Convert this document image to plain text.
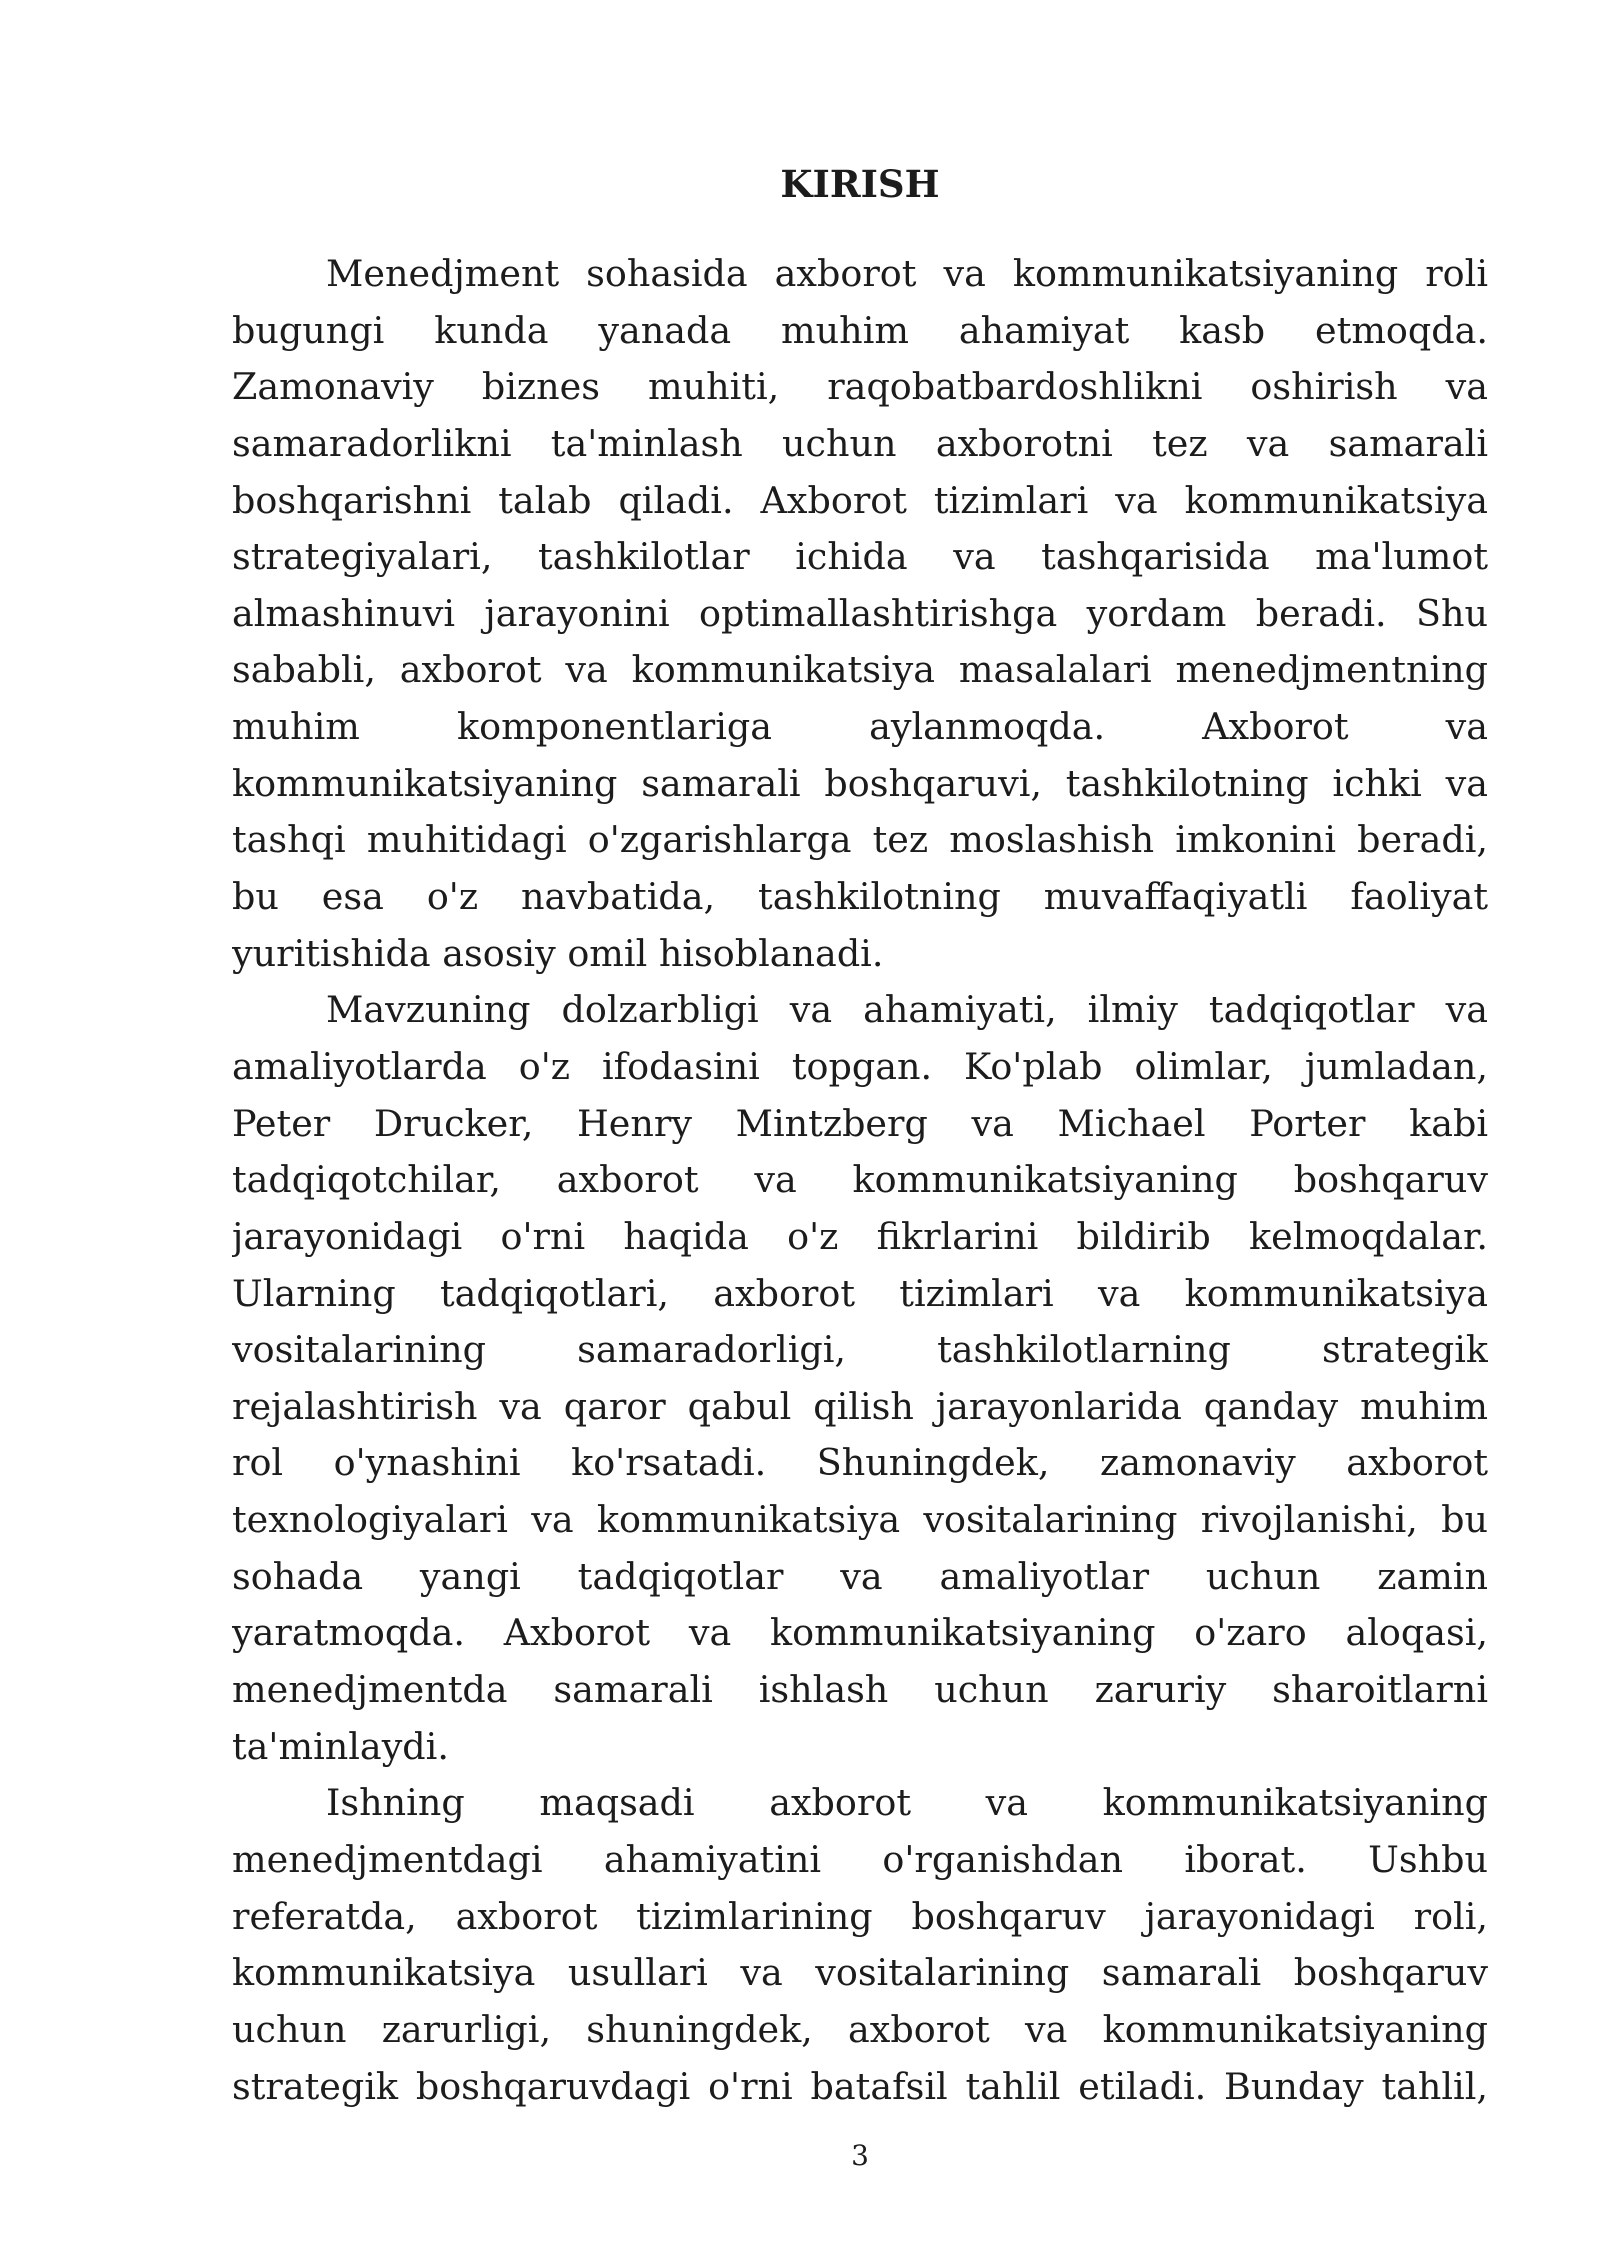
KIRISH
Menedjment sohasida axborot va kommunikatsiyaning roli
bugungi kunda yanada muhim ahamiyat kasb etmoqda.
Zamonaviy biznes muhiti, raqobatbardoshlikni oshirish va
samaradorlikni ta'minlash uchun axborotni tez va samarali
boshqarishni talab qiladi. Axborot tizimlari va kommunikatsiya
strategiyalari, tashkilotlar ichida va tashqarisida ma'lumot
almashinuvi jarayonini optimallashtirishga yordam beradi. Shu
sababli, axborot va kommunikatsiya masalalari menedjmentning
muhim komponentlariga aylanmoqda. Axborot va
kommunikatsiyaning samarali boshqaruvi, tashkilotning ichki va
tashqi muhitidagi o'zgarishlarga tez moslashish imkonini beradi,
bu esa o'z navbatida, tashkilotning muvaffaqiyatli faoliyat
yuritishida asosiy omil hisoblanadi.
Mavzuning dolzarbligi va ahamiyati, ilmiy tadqiqotlar va
amaliyotlarda o'z ifodasini topgan. Ko'plab olimlar, jumladan,
Peter Drucker, Henry Mintzberg va Michael Porter kabi
tadqiqotchilar, axborot va kommunikatsiyaning boshqaruv
jarayonidagi o'rni haqida o'z fikrlarini bildirib kelmoqdalar.
Ularning tadqiqotlari, axborot tizimlari va kommunikatsiya
vositalarining samaradorligi, tashkilotlarning strategik
rejalashtirish va qaror qabul qilish jarayonlarida qanday muhim
rol o'ynashini ko'rsatadi. Shuningdek, zamonaviy axborot
texnologiyalari va kommunikatsiya vositalarining rivojlanishi, bu
sohada yangi tadqiqotlar va amaliyotlar uchun zamin
yaratmoqda. Axborot va kommunikatsiyaning o'zaro aloqasi,
menedjmentda samarali ishlash uchun zaruriy sharoitlarni
ta'minlaydi.
Ishning maqsadi axborot va kommunikatsiyaning
menedjmentdagi ahamiyatini o'rganishdan iborat. Ushbu
referatda, axborot tizimlarining boshqaruv jarayonidagi roli,
kommunikatsiya usullari va vositalarining samarali boshqaruv
uchun zarurligi, shuningdek, axborot va kommunikatsiyaning
strategik boshqaruvdagi o'rni batafsil tahlil etiladi. Bunday tahlil,
3
